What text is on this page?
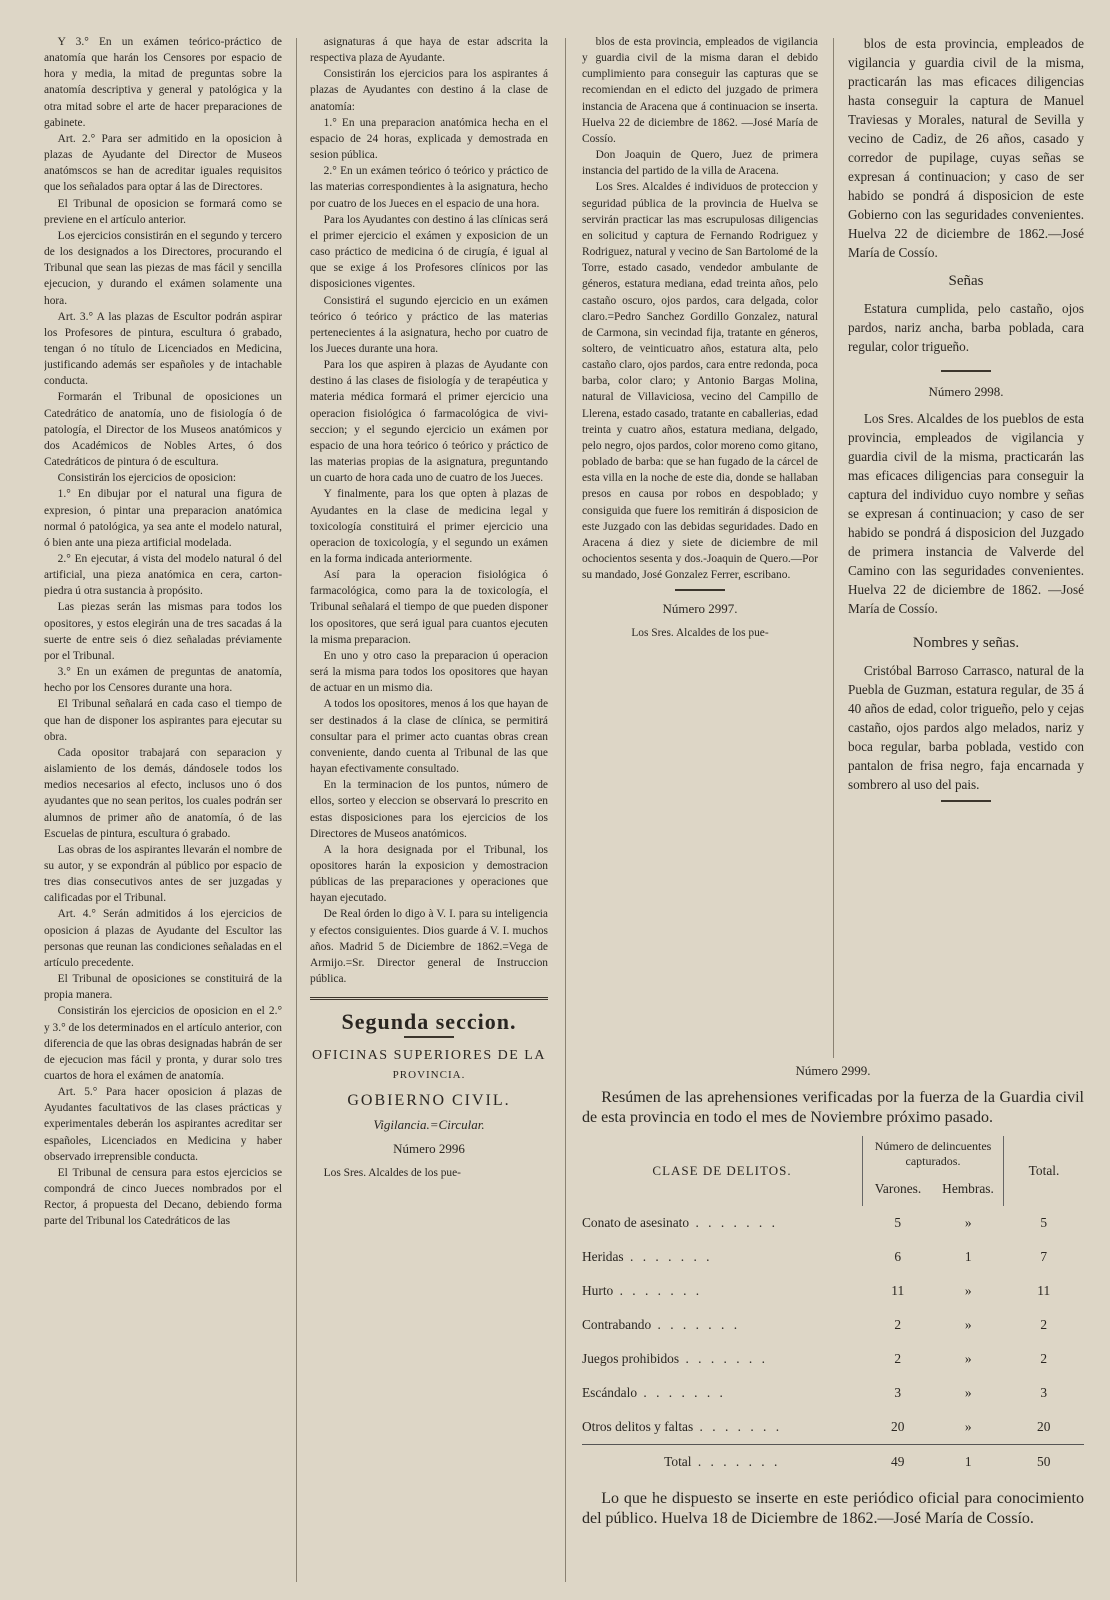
Y 3.° En un exámen teórico-práctico de anatomía que harán los Censores por espacio de hora y media, la mitad de preguntas sobre la anatomía descriptiva y general y patológica y la otra mitad sobre el arte de hacer preparaciones de gabinete.

Art. 2.° Para ser admitido en la oposicion à plazas de Ayudante del Director de Museos anatómscos se han de acreditar iguales requisitos que los señalados para optar á las de Directores.

El Tribunal de oposicion se formará como se previene en el artículo anterior.

Los ejercicios consistirán en el segundo y tercero de los designados a los Directores, procurando el Tribunal que sean las piezas de mas fácil y sencilla ejecucion, y durando el exámen solamente una hora.

Art. 3.° A las plazas de Escultor podrán aspirar los Profesores de pintura, escultura ó grabado, tengan ó no título de Licenciados en Medicina, justificando además ser españoles y de intachable conducta.

Formarán el Tribunal de oposiciones un Catedrático de anatomía, uno de fisiología ó de patología, el Director de los Museos anatómicos y dos Académicos de Nobles Artes, ó dos Catedráticos de pintura ó de escultura.

Consistirán los ejercicios de oposicion:

1.° En dibujar por el natural una figura de expresion, ó pintar una preparacion anatómica normal ó patológica, ya sea ante el modelo natural, ó bien ante una pieza artificial modelada.

2.° En ejecutar, á vista del modelo natural ó del artificial, una pieza anatómica en cera, carton-piedra ú otra sustancia à propósito.

Las piezas serán las mismas para todos los opositores, y estos elegirán una de tres sacadas á la suerte de entre seis ó diez señaladas préviamente por el Tribunal.

3.° En un exámen de preguntas de anatomía, hecho por los Censores durante una hora.

El Tribunal señalará en cada caso el tiempo de que han de disponer los aspirantes para ejecutar su obra.

Cada opositor trabajará con separacion y aislamiento de los demás, dándosele todos los medios necesarios al efecto, inclusos uno ó dos ayudantes que no sean peritos, los cuales podrán ser alumnos de primer año de anatomía, ó de las Escuelas de pintura, escultura ó grabado.

Las obras de los aspirantes llevarán el nombre de su autor, y se expondrán al público por espacio de tres dias consecutivos antes de ser juzgadas y calificadas por el Tribunal.

Art. 4.° Serán admitidos á los ejercicios de oposicion á plazas de Ayudante del Escultor las personas que reunan las condiciones señaladas en el artículo precedente.

El Tribunal de oposiciones se constituirá de la propia manera.

Consistirán los ejercicios de oposicion en el 2.° y 3.° de los determinados en el artículo anterior, con diferencia de que las obras designadas habrán de ser de ejecucion mas fácil y pronta, y durar solo tres cuartos de hora el exámen de anatomía.

Art. 5.° Para hacer oposicion á plazas de Ayudantes facultativos de las clases prácticas y experimentales deberán los aspirantes acreditar ser españoles, Licenciados en Medicina y haber observado irreprensible conducta.

El Tribunal de censura para estos ejercicios se compondrá de cinco Jueces nombrados por el Rector, á propuesta del Decano, debiendo forma parte del Tribunal los Catedráticos de las

asignaturas á que haya de estar adscrita la respectiva plaza de Ayudante.

Consistirán los ejercicios para los aspirantes á plazas de Ayudantes con destino á la clase de anatomía:

1.° En una preparacion anatómica hecha en el espacio de 24 horas, explicada y demostrada en sesion pública.

2.° En un exámen teórico ó teórico y práctico de las materias correspondientes à la asignatura, hecho por cuatro de los Jueces en el espacio de una hora.

Para los Ayudantes con destino á las clínicas será el primer ejercicio el exámen y exposicion de un caso práctico de medicina ó de cirugía, é igual al que se exige á los Profesores clínicos por las disposiciones vigentes.

Consistirá el sugundo ejercicio en un exámen teórico ó teórico y práctico de las materias pertenecientes á la asignatura, hecho por cuatro de los Jueces durante una hora.

Para los que aspiren à plazas de Ayudante con destino á las clases de fisiología y de terapéutica y materia médica formará el primer ejercicio una operacion fisiológica ó farmacológica de vivi-seccion; y el segundo ejercicio un exámen por espacio de una hora teórico ó teórico y práctico de las materias propias de la asignatura, preguntando un cuarto de hora cada uno de cuatro de los Jueces.

Y finalmente, para los que opten à plazas de Ayudantes en la clase de medicina legal y toxicología constituirá el primer ejercicio una operacion de toxicología, y el segundo un exámen en la forma indicada anteriormente.

Así para la operacion fisiológica ó farmacológica, como para la de toxicología, el Tribunal señalará el tiempo de que pueden disponer los opositores, que será igual para cuantos ejecuten la misma preparacion.

En uno y otro caso la preparacion ú operacion será la misma para todos los opositores que hayan de actuar en un mismo dia.

A todos los opositores, menos á los que hayan de ser destinados á la clase de clínica, se permitirá consultar para el primer acto cuantas obras crean conveniente, dando cuenta al Tribunal de las que hayan efectivamente consultado.

En la terminacion de los puntos, número de ellos, sorteo y eleccion se observará lo prescrito en estas disposiciones para los ejercicios de los Directores de Museos anatómicos.

A la hora designada por el Tribunal, los opositores harán la exposicion y demostracion públicas de las preparaciones y operaciones que hayan ejecutado.

De Real órden lo digo à V. I. para su inteligencia y efectos consiguientes. Dios guarde á V. I. muchos años. Madrid 5 de Diciembre de 1862.=Vega de Armijo.=Sr. Director general de Instruccion pública.

Segunda seccion.
OFICINAS SUPERIORES DE LA
PROVINCIA.
GOBIERNO CIVIL.
Vigilancia.=Circular.
Número 2996

Los Sres. Alcaldes de los pue-

blos de esta provincia, empleados de vigilancia y guardia civil de la misma daran el debido cumplimiento para conseguir las capturas que se recomiendan en el edicto del juzgado de primera instancia de Aracena que á continuacion se inserta. Huelva 22 de diciembre de 1862. —José María de Cossío.

Don Joaquin de Quero, Juez de primera instancia del partido de la villa de Aracena.

Los Sres. Alcaldes é individuos de proteccion y seguridad pública de la provincia de Huelva se servirán practicar las mas escrupulosas diligencias en solicitud y captura de Fernando Rodriguez y Rodriguez, natural y vecino de San Bartolomé de la Torre, estado casado, vendedor ambulante de géneros, estatura mediana, edad treinta años, pelo castaño oscuro, ojos pardos, cara delgada, color claro.=Pedro Sanchez Gordillo Gonzalez, natural de Carmona, sin vecindad fija, tratante en géneros, soltero, de veinticuatro años, estatura alta, pelo castaño claro, ojos pardos, cara entre redonda, poca barba, color claro; y Antonio Bargas Molina, natural de Villaviciosa, vecino del Campillo de Llerena, estado casado, tratante en caballerias, edad treinta y cuatro años, estatura mediana, delgado, pelo negro, ojos pardos, color moreno como gitano, poblado de barba: que se han fugado de la cárcel de esta villa en la noche de este dia, donde se hallaban presos en causa por robos en despoblado; y consiguida que fuere los remitirán á disposicion de este Juzgado con las debidas seguridades. Dado en Aracena á diez y siete de diciembre de mil ochocientos sesenta y dos.-Joaquin de Quero.—Por su mandado, José Gonzalez Ferrer, escribano.

Número 2997.

Los Sres. Alcaldes de los pue-

blos de esta provincia, empleados de vigilancia y guardia civil de la misma, practicarán las mas eficaces diligencias hasta conseguir la captura de Manuel Traviesas y Morales, natural de Sevilla y vecino de Cadiz, de 26 años, casado y corredor de pupilage, cuyas señas se expresan á continuacion; y caso de ser habido se pondrá á disposicion de este Gobierno con las seguridades convenientes. Huelva 22 de diciembre de 1862.—José María de Cossío.

Señas

Estatura cumplida, pelo castaño, ojos pardos, nariz ancha, barba poblada, cara regular, color trigueño.

Número 2998.

Los Sres. Alcaldes de los pueblos de esta provincia, empleados de vigilancia y guardia civil de la misma, practicarán las mas eficaces diligencias para conseguir la captura del individuo cuyo nombre y señas se expresan á continuacion; y caso de ser habido se pondrá á disposicion del Juzgado de primera instancia de Valverde del Camino con las seguridades convenientes. Huelva 22 de diciembre de 1862. —José María de Cossío.

Nombres y señas.

Cristóbal Barroso Carrasco, natural de la Puebla de Guzman, estatura regular, de 35 á 40 años de edad, color trigueño, pelo y cejas castaño, ojos pardos algo melados, nariz y boca regular, barba poblada, vestido con pantalon de frisa negro, faja encarnada y sombrero al uso del pais.

Número 2999.

Resúmen de las aprehensiones verificadas por la fuerza de la Guardia civil de esta provincia en todo el mes de Noviembre próximo pasado.

CLASE DE DELITOS.	Número de delincuentes capturados.		Total.
	Varones.	Hembras.	
Conato de asesinato . . . . . . .	5	»	5
Heridas . . . . . . .	6	1	7
Hurto . . . . . . .	11	»	11
Contrabando . . . . . . .	2	»	2
Juegos prohibidos . . . . . . .	2	»	2
Escándalo . . . . . . .	3	»	3
Otros delitos y faltas . . . . . . .	20	»	20
Total . . . . . . .	49	1	50

Lo que he dispuesto se inserte en este periódico oficial para conocimiento del público. Huelva 18 de Diciembre de 1862.—José María de Cossío.
